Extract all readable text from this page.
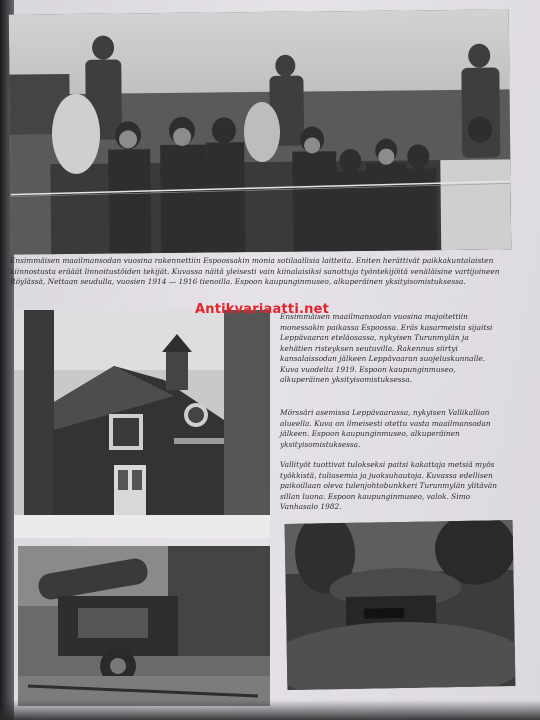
Ensimmäisen maailmansodan vuosina rakennettiin Espoossakin monia sotilaallisia laitteita. Eniten herättivät paikkakuntalaisten kiinnostusta erääät linnoitustöiden tekijät. Kuvassa näitä yleisesti vain kiinalaisiksi sanottuja työntekijöitä venäläisine vartijoineen Röylässä, Nettaan seudulla, vuosien 1914 — 1916 tienoilla. Espoon kaupunginmuseo, alkuperäinen yksityisomistuksessa.

Antikvariaatti.net

Ensimmäisen maailmansodan vuosina majoitettiin monessakin paikassa Espoossa. Eräs kasarmeista sijaitsi Leppävaaran eteläosassa, nykyisen Turunmylän ja kehätien risteyksen seutuvilla. Rakennus siirtyi kansalaissodan jälkeen Leppävaaran suojeluskunnalle. Kuva vuodelta 1919. Espoon kaupunginmuseo, alkuperäinen yksityisomistuksessa.

Mörssäri asemissa Leppävaarassa, nykyisen Vallikallion alueella. Kuva on ilmeisesti otettu vasta maailmansodan jälkeen. Espoon kaupunginmuseo, alkuperäinen yksityisomistuksessa.

Vallityöt tuottivat tulokseksi paitsi kakattaja metsiä myös työkkistä, tuliasemia ja juoksuhautoja. Kuvassa edellisen paikoillaan oleva tulenjohtobunkkeri Turunmylän ylitävän sillan luona. Espoon kaupunginmuseo, valok. Simo Vanhasalo 1982.
